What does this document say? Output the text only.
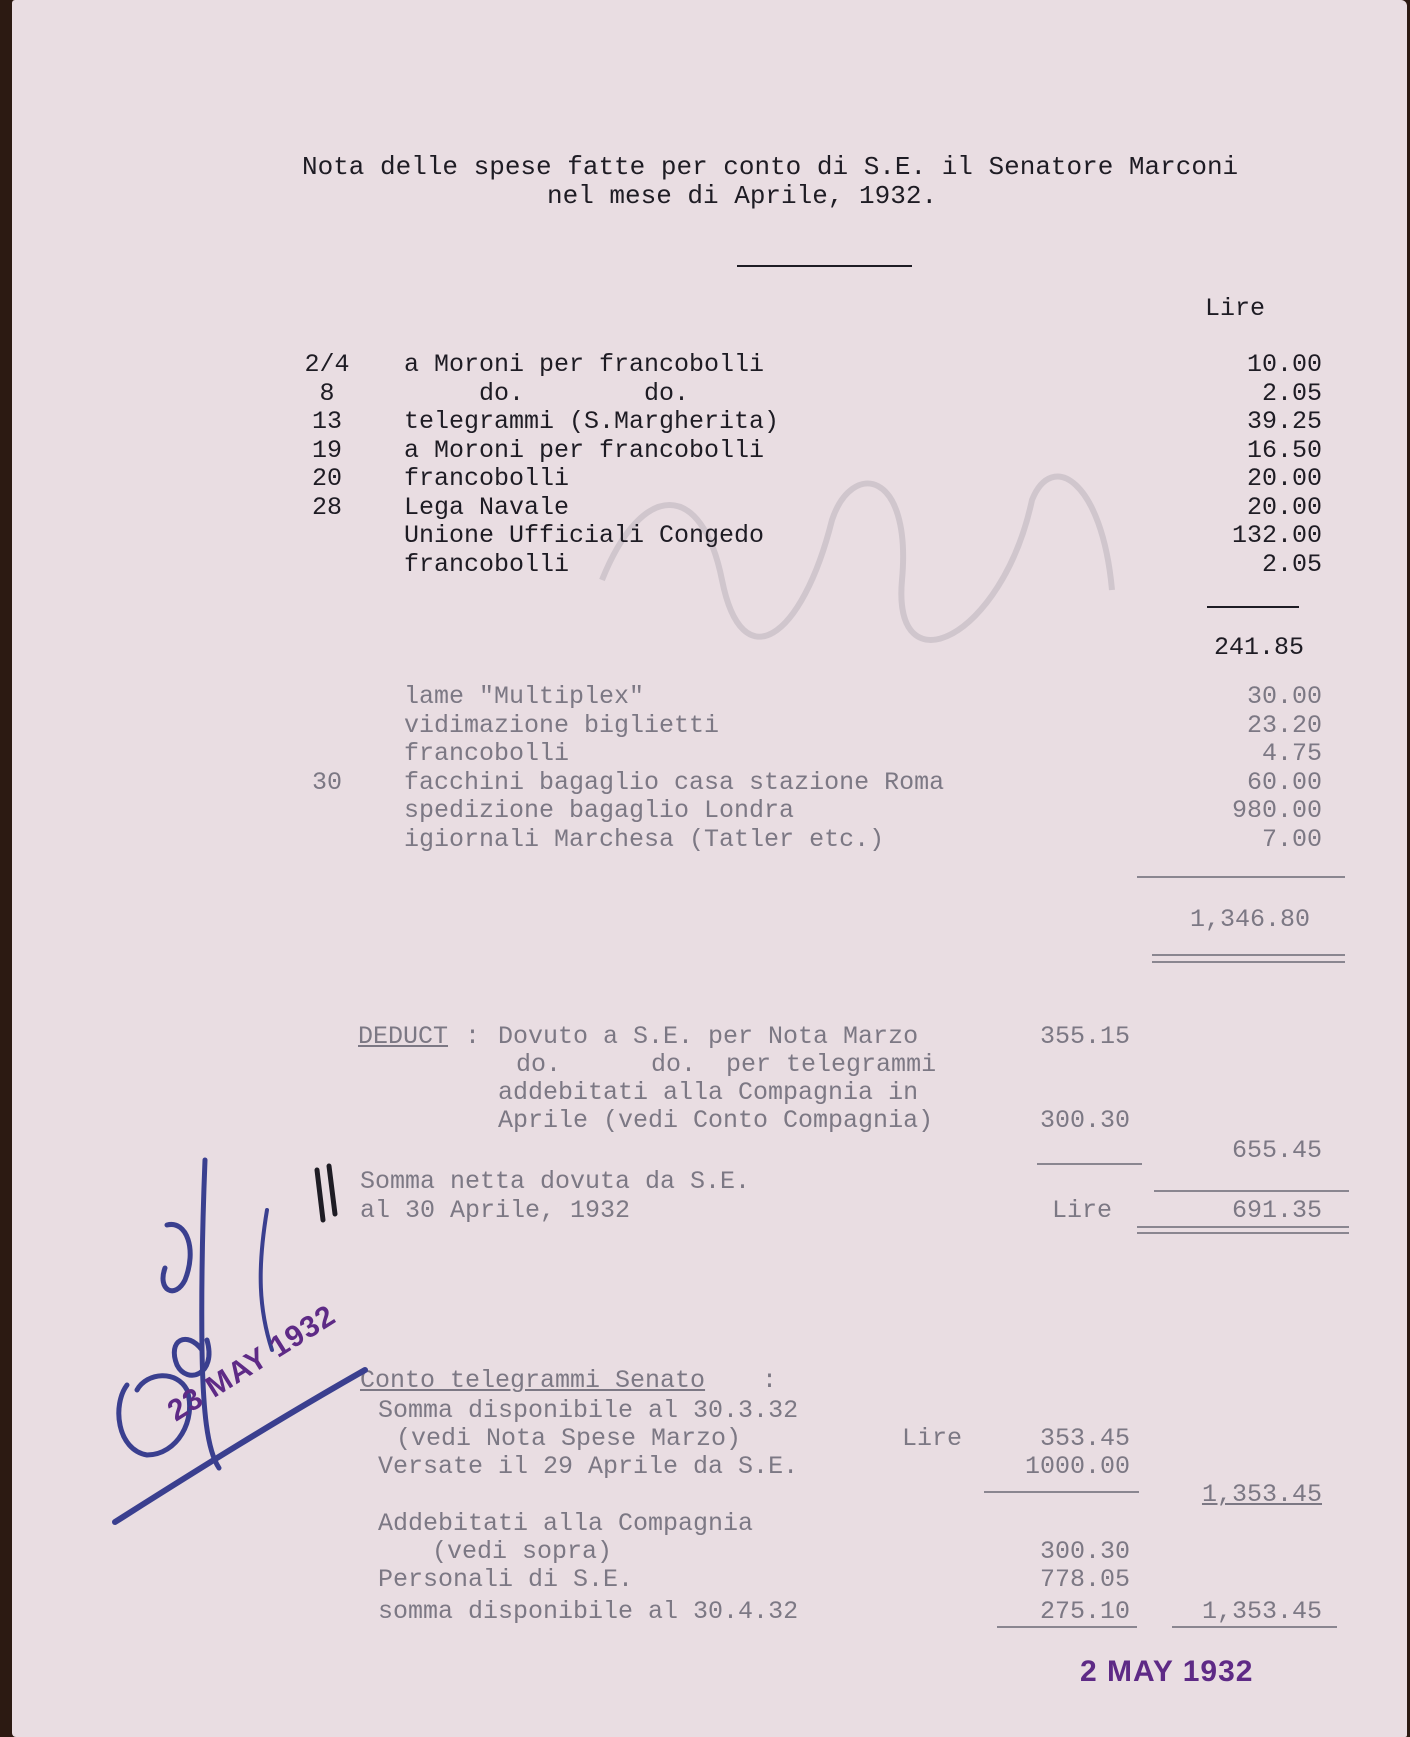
Nota delle spese fatte per conto di S.E. il Senatore Marconi
nel mese di Aprile, 1932.
Lire
2/4	a Moroni per francobolli	10.00
8	do.        do.	2.05
13	telegrammi (S.Margherita)	39.25
19	a Moroni per francobolli	16.50
20	francobolli	20.00
28	Lega Navale	20.00
Unione Ufficiali Congedo	132.00
francobolli	2.05
241.85
lame "Multiplex"	30.00
vidimazione biglietti	23.20
francobolli	4.75
30	facchini bagaglio casa stazione Roma	60.00
spedizione bagaglio Londra	980.00
igiornali Marchesa (Tatler etc.)	7.00
1,346.80
DEDUCT : Dovuto a S.E. per Nota Marzo	355.15
do.      do.  per telegrammi
addebitati alla Compagnia in
Aprile (vedi Conto Compagnia)	300.30
655.45
Somma netta dovuta da S.E.
al 30 Aprile, 1932	Lire	691.35
Conto telegrammi Senato :
Somma disponibile al 30.3.32
(vedi Nota Spese Marzo)	Lire	353.45
Versate il 29 Aprile da S.E.	1000.00
1,353.45
Addebitati alla Compagnia
(vedi sopra)	300.30
Personali di S.E.	778.05
somma disponibile al 30.4.32	275.10	1,353.45
23 MAY 1932
2 MAY 1932
